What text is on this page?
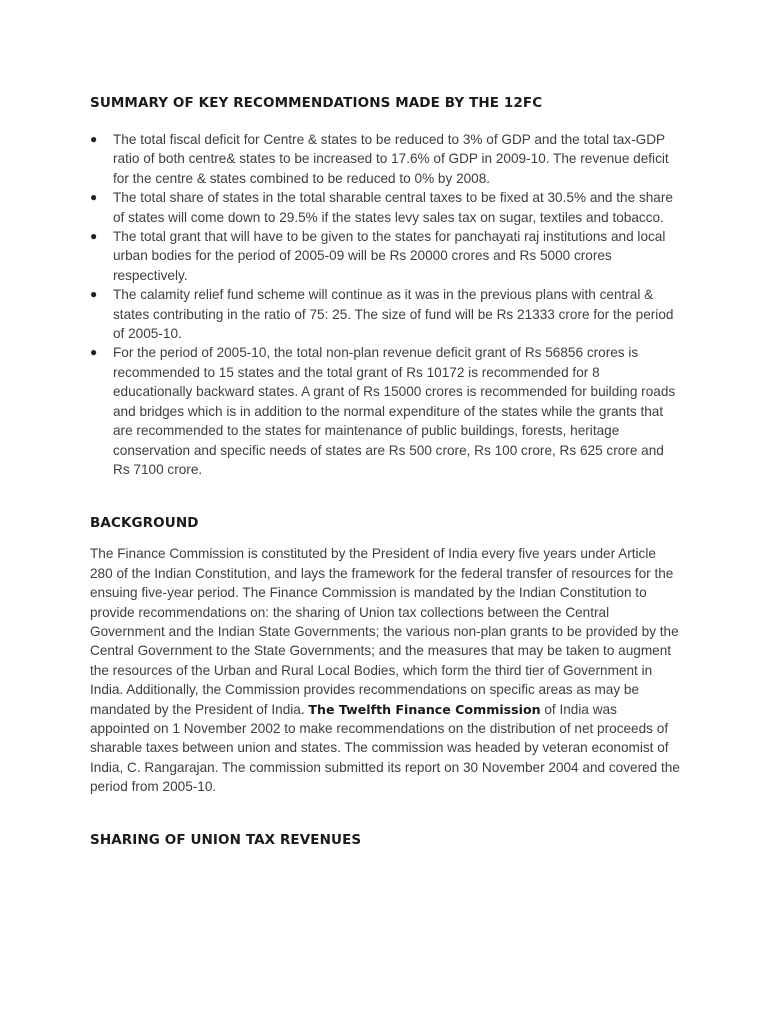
SUMMARY OF KEY RECOMMENDATIONS MADE BY THE 12FC
● The total fiscal deficit for Centre & states to be reduced to 3% of GDP and the total tax-GDP ratio of both centre& states to be increased to 17.6% of GDP in 2009-10. The revenue deficit for the centre & states combined to be reduced to 0% by 2008.
● The total share of states in the total sharable central taxes to be fixed at 30.5% and the share of states will come down to 29.5% if the states levy sales tax on sugar, textiles and tobacco.
● The total grant that will have to be given to the states for panchayati raj institutions and local urban bodies for the period of 2005-09 will be Rs 20000 crores and Rs 5000 crores respectively.
● The calamity relief fund scheme will continue as it was in the previous plans with central & states contributing in the ratio of 75: 25. The size of fund will be Rs 21333 crore for the period of 2005-10.
● For the period of 2005-10, the total non-plan revenue deficit grant of Rs 56856 crores is recommended to 15 states and the total grant of Rs 10172 is recommended for 8 educationally backward states. A grant of Rs 15000 crores is recommended for building roads and bridges which is in addition to the normal expenditure of the states while the grants that are recommended to the states for maintenance of public buildings, forests, heritage conservation and specific needs of states are Rs 500 crore, Rs 100 crore, Rs 625 crore and Rs 7100 crore.
BACKGROUND

The Finance Commission is constituted by the President of India every five years under Article 280 of the Indian Constitution, and lays the framework for the federal transfer of resources for the ensuing five-year period. The Finance Commission is mandated by the Indian Constitution to provide recommendations on: the sharing of Union tax collections between the Central Government and the Indian State Governments; the various non-plan grants to be provided by the Central Government to the State Governments; and the measures that may be taken to augment the resources of the Urban and Rural Local Bodies, which form the third tier of Government in India. Additionally, the Commission provides recommendations on specific areas as may be mandated by the President of India. The Twelfth Finance Commission of India was appointed on 1 November 2002 to make recommendations on the distribution of net proceeds of sharable taxes between union and states. The commission was headed by veteran economist of India, C. Rangarajan. The commission submitted its report on 30 November 2004 and covered the period from 2005-10.

SHARING OF UNION TAX REVENUES
